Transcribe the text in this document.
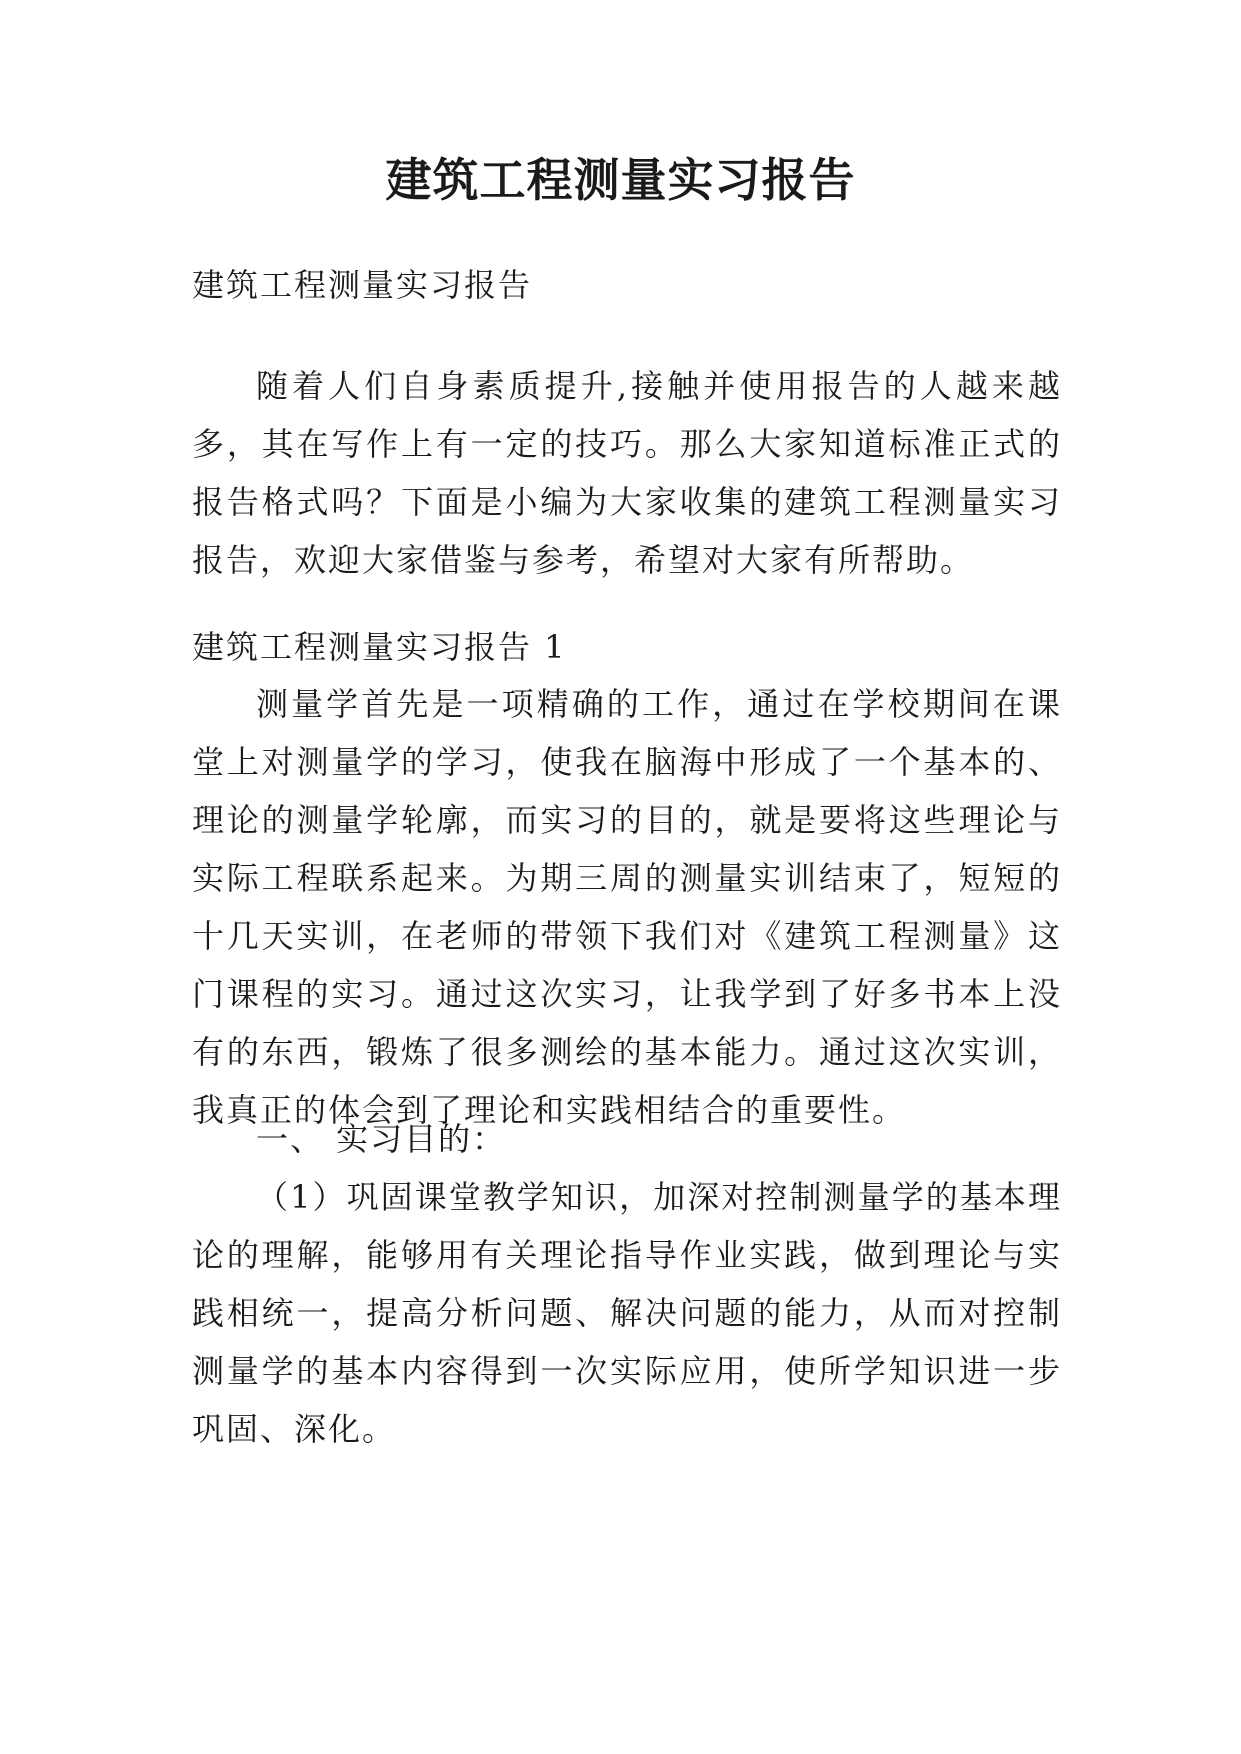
建筑工程测量实习报告

建筑工程测量实习报告

随着人们自身素质提升,接触并使用报告的人越来越多，其在写作上有一定的技巧。那么大家知道标准正式的报告格式吗？下面是小编为大家收集的建筑工程测量实习报告，欢迎大家借鉴与参考，希望对大家有所帮助。

建筑工程测量实习报告 1

测量学首先是一项精确的工作，通过在学校期间在课堂上对测量学的学习，使我在脑海中形成了一个基本的、理论的测量学轮廓，而实习的目的，就是要将这些理论与实际工程联系起来。为期三周的测量实训结束了，短短的十几天实训，在老师的带领下我们对《建筑工程测量》这门课程的实习。通过这次实习，让我学到了好多书本上没有的东西，锻炼了很多测绘的基本能力。通过这次实训，我真正的体会到了理论和实践相结合的重要性。

一、 实习目的：

（1）巩固课堂教学知识，加深对控制测量学的基本理论的理解，能够用有关理论指导作业实践，做到理论与实践相统一，提高分析问题、解决问题的能力，从而对控制测量学的基本内容得到一次实际应用，使所学知识进一步巩固、深化。
